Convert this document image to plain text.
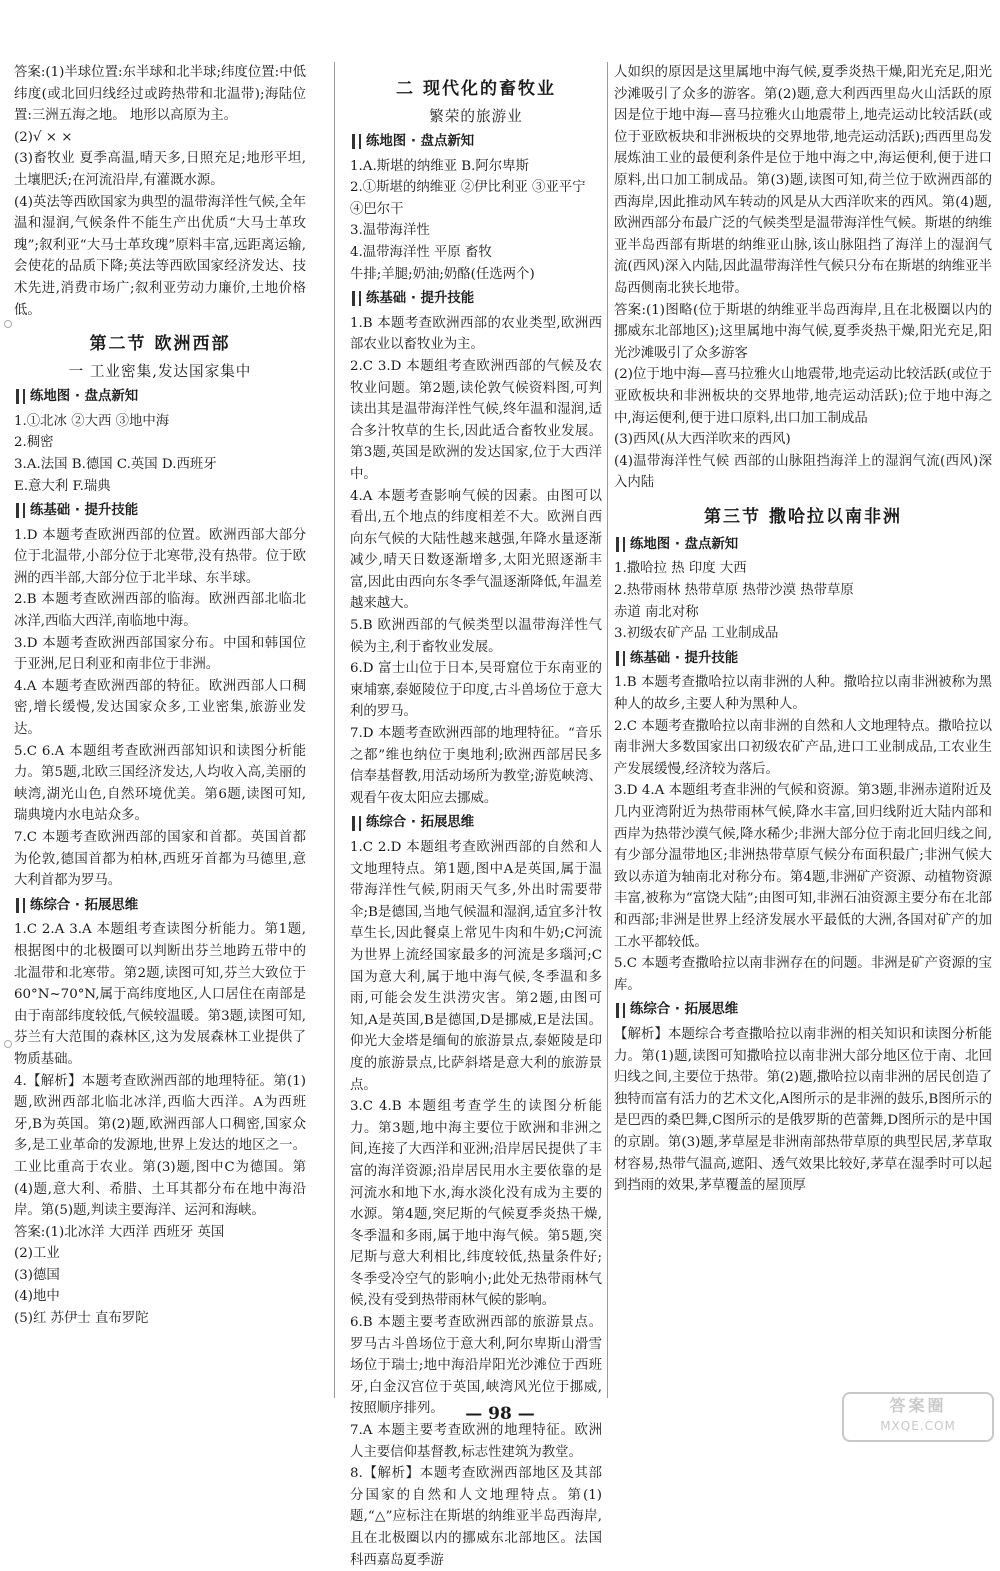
答案:(1)半球位置:东半球和北半球;纬度位置:中低纬度(或北回归线经过或跨热带和北温带);海陆位置:三洲五海之地。 地形以高原为主。

(2)√ × ×

(3)畜牧业 夏季高温,晴天多,日照充足;地形平坦,土壤肥沃;在河流沿岸,有灌溉水源。

(4)英法等西欧国家为典型的温带海洋性气候,全年温和湿润,气候条件不能生产出优质“大马士革玫瑰”;叙利亚“大马士革玫瑰”原料丰富,远距离运输,会使花的品质下降;英法等西欧国家经济发达、技术先进,消费市场广;叙利亚劳动力廉价,土地价格低。

第二节 欧洲西部
一 工业密集,发达国家集中
练地图 · 盘点新知

1.①北冰 ②大西 ③地中海

2.稠密

3.A.法国 B.德国 C.英国 D.西班牙

E.意大利 F.瑞典

练基础 · 提升技能

1.D 本题考查欧洲西部的位置。欧洲西部大部分位于北温带,小部分位于北寒带,没有热带。位于欧洲的西半部,大部分位于北半球、东半球。

2.B 本题考查欧洲西部的临海。欧洲西部北临北冰洋,西临大西洋,南临地中海。

3.D 本题考查欧洲西部国家分布。中国和韩国位于亚洲,尼日利亚和南非位于非洲。

4.A 本题考查欧洲西部的特征。欧洲西部人口稠密,增长缓慢,发达国家众多,工业密集,旅游业发达。

5.C 6.A 本题组考查欧洲西部知识和读图分析能力。第5题,北欧三国经济发达,人均收入高,美丽的峡湾,湖光山色,自然环境优美。第6题,读图可知,瑞典境内水电站众多。

7.C 本题考查欧洲西部的国家和首都。英国首都为伦敦,德国首都为柏林,西班牙首都为马德里,意大利首都为罗马。

练综合 · 拓展思维

1.C 2.A 3.A 本题组考查读图分析能力。第1题,根据图中的北极圈可以判断出芬兰地跨五带中的北温带和北寒带。第2题,读图可知,芬兰大致位于60°N~70°N,属于高纬度地区,人口居住在南部是由于南部纬度较低,气候较温暖。第3题,读图可知,芬兰有大范围的森林区,这为发展森林工业提供了物质基础。

4.【解析】本题考查欧洲西部的地理特征。第(1)题,欧洲西部北临北冰洋,西临大西洋。A为西班牙,B为英国。第(2)题,欧洲西部人口稠密,国家众多,是工业革命的发源地,世界上发达的地区之一。工业比重高于农业。第(3)题,图中C为德国。第(4)题,意大利、希腊、土耳其都分布在地中海沿岸。第(5)题,判读主要海洋、运河和海峡。

答案:(1)北冰洋 大西洋 西班牙 英国

(2)工业

(3)德国

(4)地中

(5)红 苏伊士 直布罗陀

二 现代化的畜牧业
繁荣的旅游业
练地图 · 盘点新知

1.A.斯堪的纳维亚 B.阿尔卑斯

2.①斯堪的纳维亚 ②伊比利亚 ③亚平宁

④巴尔干

3.温带海洋性

4.温带海洋性 平原 畜牧

牛排;羊腿;奶油;奶酪(任选两个)

练基础 · 提升技能

1.B 本题考查欧洲西部的农业类型,欧洲西部农业以畜牧业为主。

2.C 3.D 本题组考查欧洲西部的气候及农牧业问题。第2题,读伦敦气候资料图,可判读出其是温带海洋性气候,终年温和湿润,适合多汁牧草的生长,因此适合畜牧业发展。第3题,英国是欧洲的发达国家,位于大西洋中。

4.A 本题考查影响气候的因素。由图可以看出,五个地点的纬度相差不大。欧洲自西向东气候的大陆性越来越强,年降水量逐渐减少,晴天日数逐渐增多,太阳光照逐渐丰富,因此由西向东冬季气温逐渐降低,年温差越来越大。

5.B 欧洲西部的气候类型以温带海洋性气候为主,利于畜牧业发展。

6.D 富士山位于日本,吴哥窟位于东南亚的柬埔寨,泰姬陵位于印度,古斗兽场位于意大利的罗马。

7.D 本题考查欧洲西部的地理特征。“音乐之都”维也纳位于奥地利;欧洲西部居民多信奉基督教,用活动场所为教堂;游览峡湾、观看午夜太阳应去挪威。

练综合 · 拓展思维

1.C 2.D 本题组考查欧洲西部的自然和人文地理特点。第1题,图中A是英国,属于温带海洋性气候,阴雨天气多,外出时需要带伞;B是德国,当地气候温和湿润,适宜多汁牧草生长,因此餐桌上常见牛肉和牛奶;C河流为世界上流经国家最多的河流是多瑙河;C国为意大利,属于地中海气候,冬季温和多雨,可能会发生洪涝灾害。第2题,由图可知,A是英国,B是德国,D是挪威,E是法国。仰光大金塔是缅甸的旅游景点,泰姬陵是印度的旅游景点,比萨斜塔是意大利的旅游景点。

3.C 4.B 本题组考查学生的读图分析能力。第3题,地中海主要位于欧洲和非洲之间,连接了大西洋和亚洲;沿岸居民提供了丰富的海洋资源;沿岸居民用水主要依靠的是河流水和地下水,海水淡化没有成为主要的水源。第4题,突尼斯的气候夏季炎热干燥,冬季温和多雨,属于地中海气候。第5题,突尼斯与意大利相比,纬度较低,热量条件好;冬季受冷空气的影响小;此处无热带雨林气候,没有受到热带雨林气候的影响。

6.B 本题主要考查欧洲西部的旅游景点。罗马古斗兽场位于意大利,阿尔卑斯山滑雪场位于瑞士;地中海沿岸阳光沙滩位于西班牙,白金汉宫位于英国,峡湾风光位于挪威,按照顺序排列。

7.A 本题主要考查欧洲的地理特征。欧洲人主要信仰基督教,标志性建筑为教堂。

8.【解析】本题考查欧洲西部地区及其部分国家的自然和人文地理特点。第(1)题,“△”应标注在斯堪的纳维亚半岛西海岸,且在北极圈以内的挪威东北部地区。法国科西嘉岛夏季游

人如织的原因是这里属地中海气候,夏季炎热干燥,阳光充足,阳光沙滩吸引了众多的游客。第(2)题,意大利西西里岛火山活跃的原因是位于地中海—喜马拉雅火山地震带上,地壳运动比较活跃(或位于亚欧板块和非洲板块的交界地带,地壳运动活跃);西西里岛发展炼油工业的最便利条件是位于地中海之中,海运便利,便于进口原料,出口加工制成品。第(3)题,读图可知,荷兰位于欧洲西部的西海岸,因此推动风车转动的风是从大西洋吹来的西风。第(4)题,欧洲西部分布最广泛的气候类型是温带海洋性气候。斯堪的纳维亚半岛西部有斯堪的纳维亚山脉,该山脉阻挡了海洋上的湿润气流(西风)深入内陆,因此温带海洋性气候只分布在斯堪的纳维亚半岛西侧南北狭长地带。

答案:(1)图略(位于斯堪的纳维亚半岛西海岸,且在北极圈以内的挪威东北部地区);这里属地中海气候,夏季炎热干燥,阳光充足,阳光沙滩吸引了众多游客

(2)位于地中海—喜马拉雅火山地震带,地壳运动比较活跃(或位于亚欧板块和非洲板块的交界地带,地壳运动活跃);位于地中海之中,海运便利,便于进口原料,出口加工制成品

(3)西风(从大西洋吹来的西风)

(4)温带海洋性气候 西部的山脉阻挡海洋上的湿润气流(西风)深入内陆

第三节 撒哈拉以南非洲
练地图 · 盘点新知

1.撒哈拉 热 印度 大西

2.热带雨林 热带草原 热带沙漠 热带草原

赤道 南北对称

3.初级农矿产品 工业制成品

练基础 · 提升技能

1.B 本题考查撒哈拉以南非洲的人种。撒哈拉以南非洲被称为黑种人的故乡,主要人种为黑种人。

2.C 本题考查撒哈拉以南非洲的自然和人文地理特点。撒哈拉以南非洲大多数国家出口初级农矿产品,进口工业制成品,工农业生产发展缓慢,经济较为落后。

3.D 4.A 本题组考查非洲的气候和资源。第3题,非洲赤道附近及几内亚湾附近为热带雨林气候,降水丰富,回归线附近大陆内部和西岸为热带沙漠气候,降水稀少;非洲大部分位于南北回归线之间,有少部分温带地区;非洲热带草原气候分布面积最广;非洲气候大致以赤道为轴南北对称分布。第4题,非洲矿产资源、动植物资源丰富,被称为“富饶大陆”;由图可知,非洲石油资源主要分布在北部和西部;非洲是世界上经济发展水平最低的大洲,各国对矿产的加工水平都较低。

5.C 本题考查撒哈拉以南非洲存在的问题。非洲是矿产资源的宝库。

练综合 · 拓展思维

【解析】本题综合考查撒哈拉以南非洲的相关知识和读图分析能力。第(1)题,读图可知撒哈拉以南非洲大部分地区位于南、北回归线之间,主要位于热带。第(2)题,撒哈拉以南非洲的居民创造了独特而富有活力的艺术文化,A图所示的是非洲的鼓乐,B图所示的是巴西的桑巴舞,C图所示的是俄罗斯的芭蕾舞,D图所示的是中国的京剧。第(3)题,茅草屋是非洲南部热带草原的典型民居,茅草取材容易,热带气温高,遮阳、透气效果比较好,茅草在湿季时可以起到挡雨的效果,茅草覆盖的屋顶厚

— 98 —	答案圈
MXQE.COM
